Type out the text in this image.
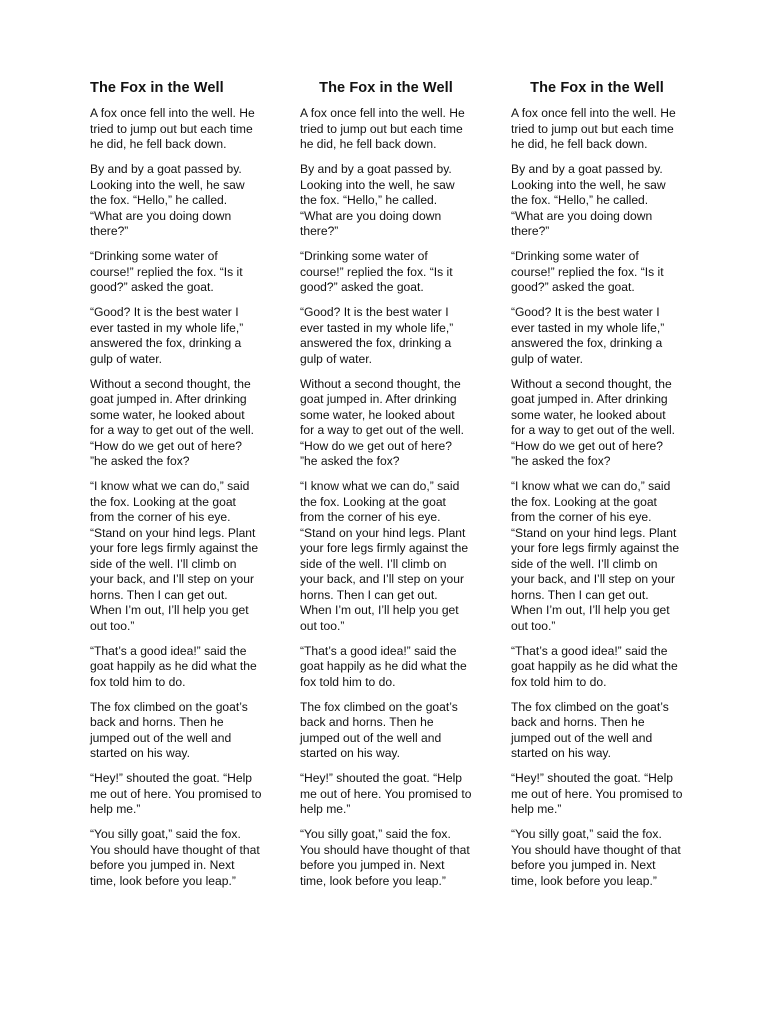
The Fox in the Well
A fox once fell into the well. He tried to jump out but each time he did, he fell back down.
By and by a goat passed by. Looking into the well, he saw the fox. “Hello,” he called. “What are you doing down there?”
“Drinking some water of course!” replied the fox. “Is it good?” asked the goat.
“Good? It is the best water I ever tasted in my whole life,” answered the fox, drinking a gulp of water.
Without a second thought, the goat jumped in. After drinking some water, he looked about for a way to get out of the well. “How do we get out of here? ”he asked the fox?
“I know what we can do,” said the fox. Looking at the goat from the corner of his eye. “Stand on your hind legs. Plant your fore legs firmly against the side of the well. I’ll climb on your back, and I’ll step on your horns. Then I can get out. When I’m out, I’ll help you get out too.”
“That’s a good idea!” said the goat happily as he did what the fox told him to do.
The fox climbed on the goat’s back and horns. Then he jumped out of the well and started on his way.
“Hey!” shouted the goat. “Help me out of here. You promised to help me.”
“You silly goat,” said the fox. You should have thought of that before you jumped in. Next time, look before you leap.”
The Fox in the Well
A fox once fell into the well. He tried to jump out but each time he did, he fell back down.
By and by a goat passed by. Looking into the well, he saw the fox. “Hello,” he called. “What are you doing down there?”
“Drinking some water of course!” replied the fox. “Is it good?” asked the goat.
“Good? It is the best water I ever tasted in my whole life,” answered the fox, drinking a gulp of water.
Without a second thought, the goat jumped in. After drinking some water, he looked about for a way to get out of the well. “How do we get out of here? ”he asked the fox?
“I know what we can do,” said the fox. Looking at the goat from the corner of his eye. “Stand on your hind legs. Plant your fore legs firmly against the side of the well. I’ll climb on your back, and I’ll step on your horns. Then I can get out. When I’m out, I’ll help you get out too.”
“That’s a good idea!” said the goat happily as he did what the fox told him to do.
The fox climbed on the goat’s back and horns. Then he jumped out of the well and started on his way.
“Hey!” shouted the goat. “Help me out of here. You promised to help me.”
“You silly goat,” said the fox. You should have thought of that before you jumped in. Next time, look before you leap.”
The Fox in the Well
A fox once fell into the well. He tried to jump out but each time he did, he fell back down.
By and by a goat passed by. Looking into the well, he saw the fox. “Hello,” he called. “What are you doing down there?”
“Drinking some water of course!” replied the fox. “Is it good?” asked the goat.
“Good? It is the best water I ever tasted in my whole life,” answered the fox, drinking a gulp of water.
Without a second thought, the goat jumped in. After drinking some water, he looked about for a way to get out of the well. “How do we get out of here? ”he asked the fox?
“I know what we can do,” said the fox. Looking at the goat from the corner of his eye. “Stand on your hind legs. Plant your fore legs firmly against the side of the well. I’ll climb on your back, and I’ll step on your horns. Then I can get out. When I’m out, I’ll help you get out too.”
“That’s a good idea!” said the goat happily as he did what the fox told him to do.
The fox climbed on the goat’s back and horns. Then he jumped out of the well and started on his way.
“Hey!” shouted the goat. “Help me out of here. You promised to help me.”
“You silly goat,” said the fox. You should have thought of that before you jumped in. Next time, look before you leap.”
